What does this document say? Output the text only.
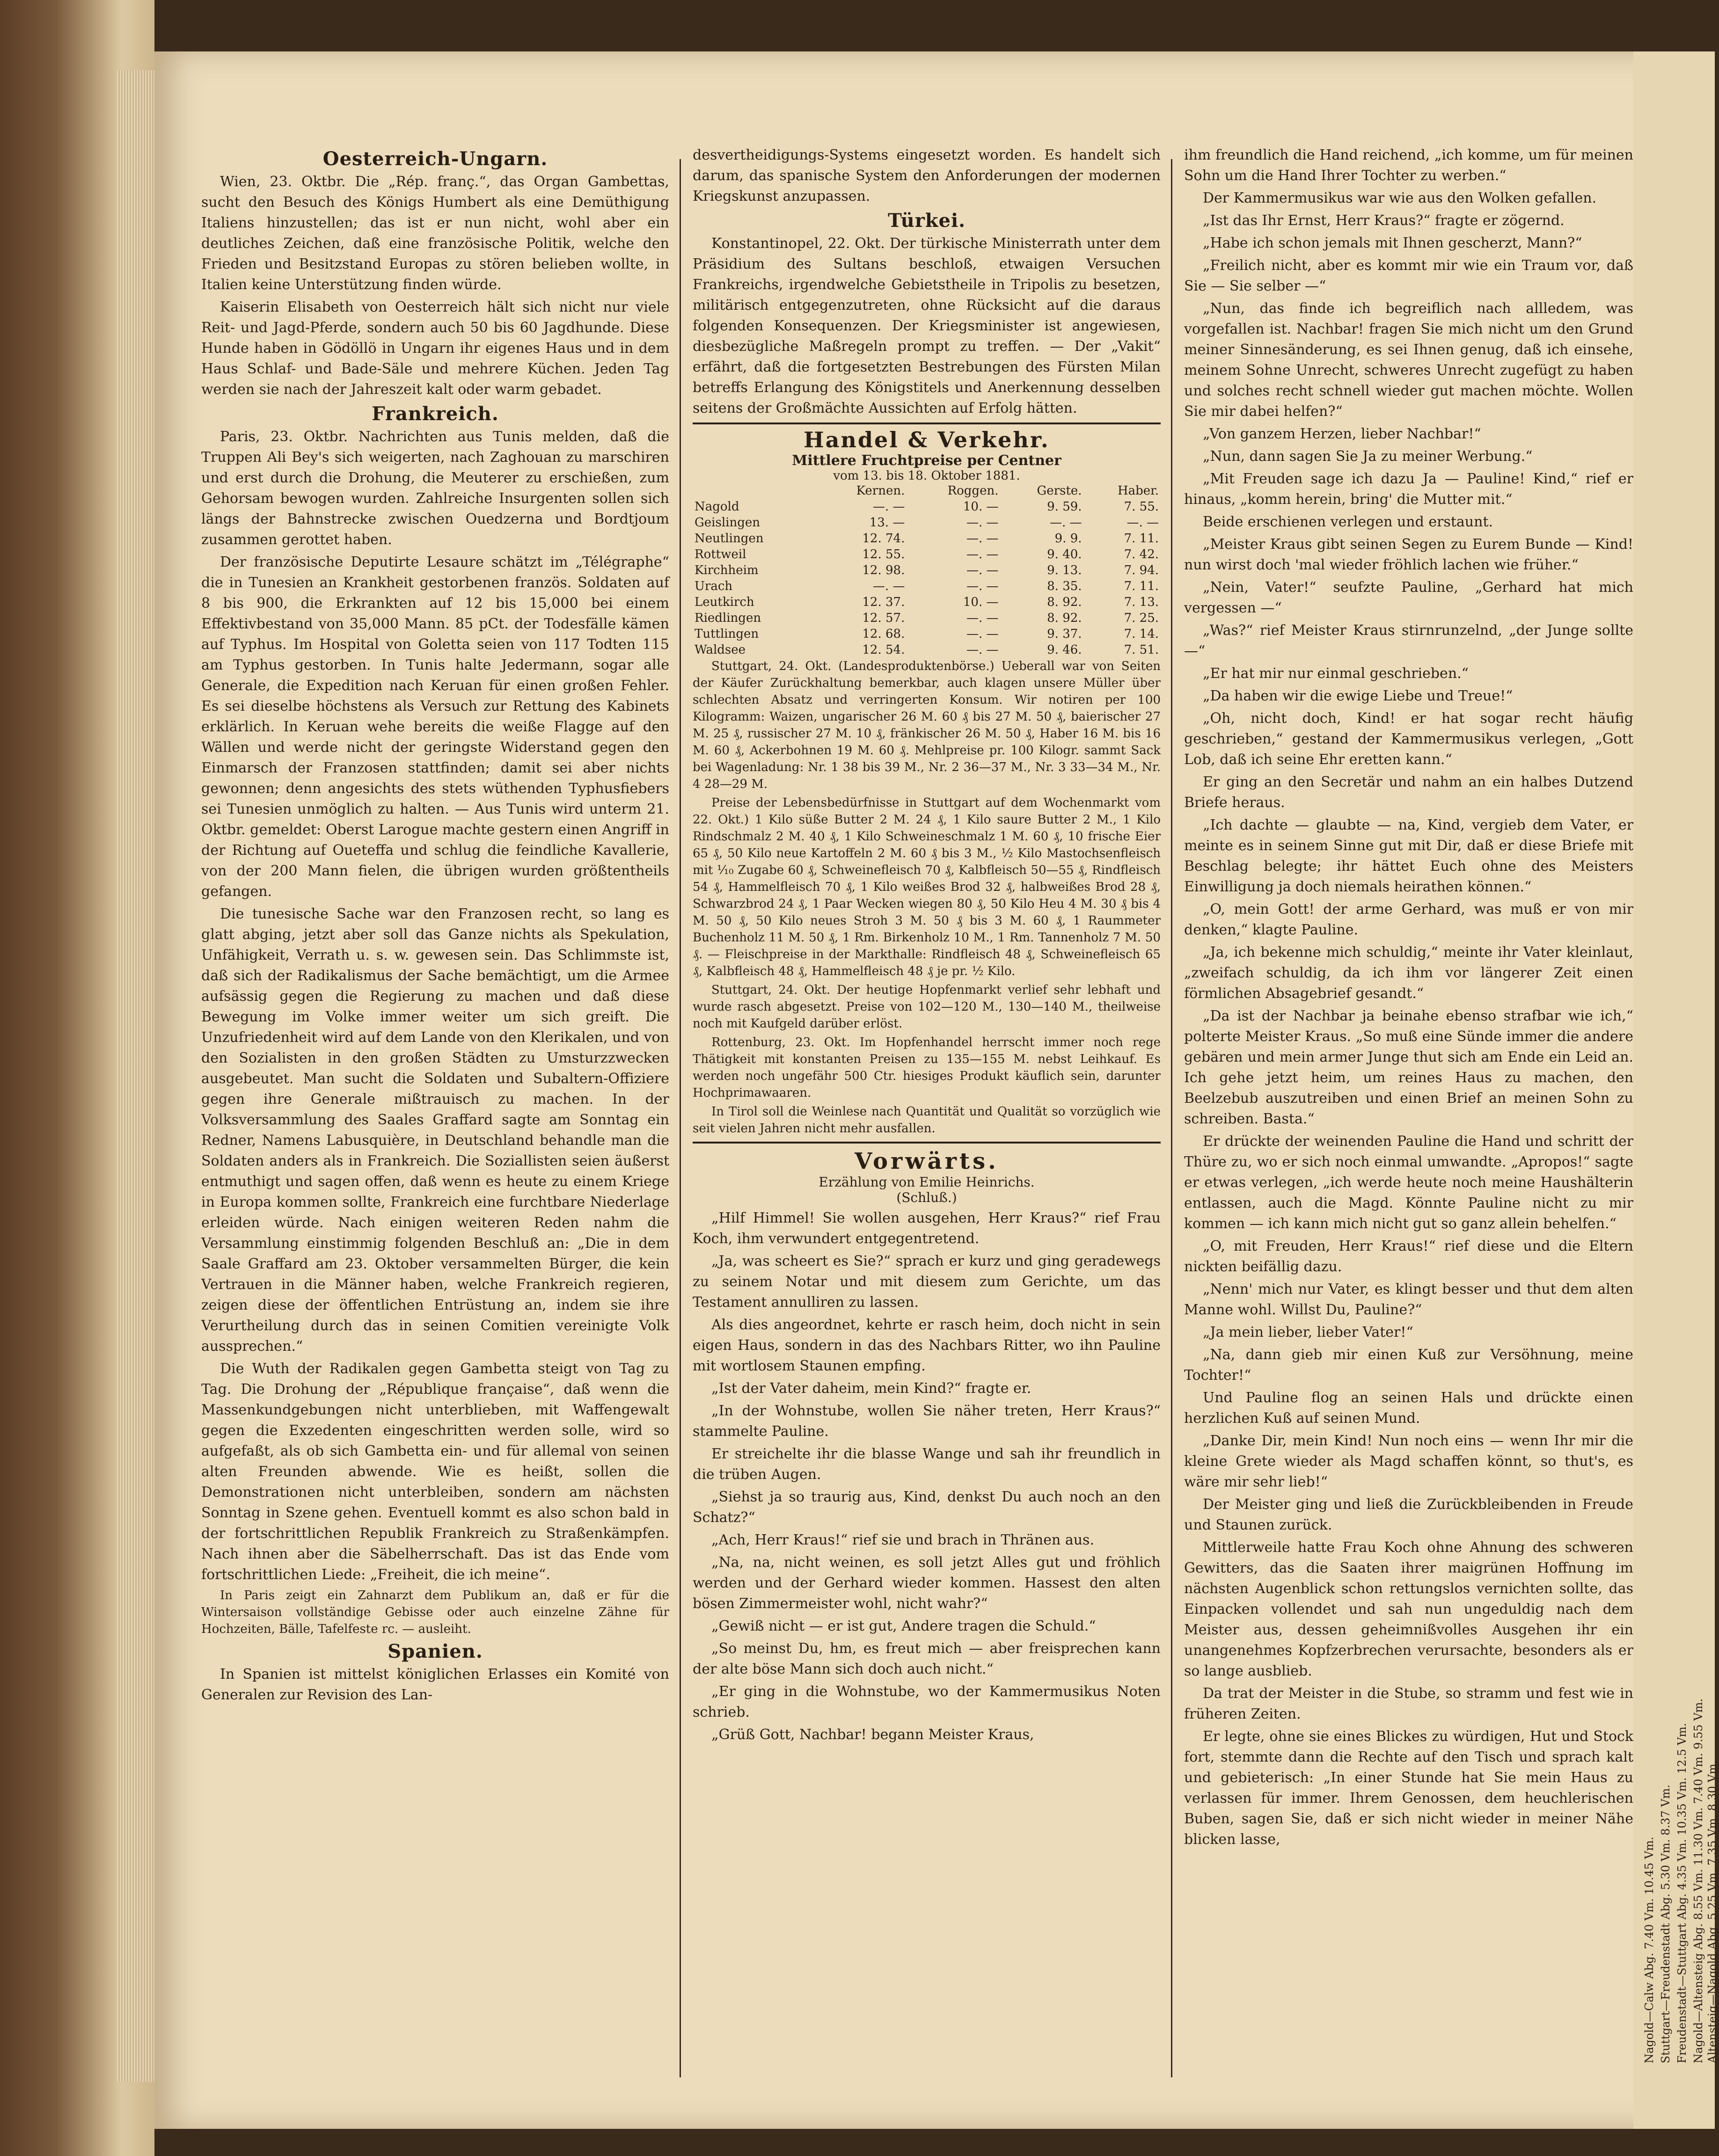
Oesterreich-Ungarn.

Wien, 23. Oktbr. Die „Rép. franç.“, das Organ Gambettas, sucht den Besuch des Königs Humbert als eine Demüthigung Italiens hinzustellen; das ist er nun nicht, wohl aber ein deutliches Zeichen, daß eine französische Politik, welche den Frieden und Besitzstand Europas zu stören belieben wollte, in Italien keine Unterstützung finden würde.

Kaiserin Elisabeth von Oesterreich hält sich nicht nur viele Reit- und Jagd-Pferde, sondern auch 50 bis 60 Jagdhunde. Diese Hunde haben in Gödöllö in Ungarn ihr eigenes Haus und in dem Haus Schlaf- und Bade-Säle und mehrere Küchen. Jeden Tag werden sie nach der Jahreszeit kalt oder warm gebadet.

Frankreich.

Paris, 23. Oktbr. Nachrichten aus Tunis melden, daß die Truppen Ali Bey's sich weigerten, nach Zaghouan zu marschiren und erst durch die Drohung, die Meuterer zu erschießen, zum Gehorsam bewogen wurden. Zahlreiche Insurgenten sollen sich längs der Bahnstrecke zwischen Ouedzerna und Bordtjoum zusammen gerottet haben.

Der französische Deputirte Lesaure schätzt im „Télégraphe“ die in Tunesien an Krankheit gestorbenen französ. Soldaten auf 8 bis 900, die Erkrankten auf 12 bis 15,000 bei einem Effektivbestand von 35,000 Mann. 85 pCt. der Todesfälle kämen auf Typhus. Im Hospital von Goletta seien von 117 Todten 115 am Typhus gestorben. In Tunis halte Jedermann, sogar alle Generale, die Expedition nach Keruan für einen großen Fehler. Es sei dieselbe höchstens als Versuch zur Rettung des Kabinets erklärlich. In Keruan wehe bereits die weiße Flagge auf den Wällen und werde nicht der geringste Widerstand gegen den Einmarsch der Franzosen stattfinden; damit sei aber nichts gewonnen; denn angesichts des stets wüthenden Typhusfiebers sei Tunesien unmöglich zu halten. — Aus Tunis wird unterm 21. Oktbr. gemeldet: Oberst Larogue machte gestern einen Angriff in der Richtung auf Oueteffa und schlug die feindliche Kavallerie, von der 200 Mann fielen, die übrigen wurden größtentheils gefangen.

Die tunesische Sache war den Franzosen recht, so lang es glatt abging, jetzt aber soll das Ganze nichts als Spekulation, Unfähigkeit, Verrath u. s. w. gewesen sein. Das Schlimmste ist, daß sich der Radikalismus der Sache bemächtigt, um die Armee aufsässig gegen die Regierung zu machen und daß diese Bewegung im Volke immer weiter um sich greift. Die Unzufriedenheit wird auf dem Lande von den Klerikalen, und von den Sozialisten in den großen Städten zu Umsturzzwecken ausgebeutet. Man sucht die Soldaten und Subaltern-Offiziere gegen ihre Generale mißtrauisch zu machen. In der Volksversammlung des Saales Graffard sagte am Sonntag ein Redner, Namens Labusquière, in Deutschland behandle man die Soldaten anders als in Frankreich. Die Soziallisten seien äußerst entmuthigt und sagen offen, daß wenn es heute zu einem Kriege in Europa kommen sollte, Frankreich eine furchtbare Niederlage erleiden würde. Nach einigen weiteren Reden nahm die Versammlung einstimmig folgenden Beschluß an: „Die in dem Saale Graffard am 23. Oktober versammelten Bürger, die kein Vertrauen in die Männer haben, welche Frankreich regieren, zeigen diese der öffentlichen Entrüstung an, indem sie ihre Verurtheilung durch das in seinen Comitien vereinigte Volk aussprechen.“

Die Wuth der Radikalen gegen Gambetta steigt von Tag zu Tag. Die Drohung der „République française“, daß wenn die Massenkundgebungen nicht unterblieben, mit Waffengewalt gegen die Exzedenten eingeschritten werden solle, wird so aufgefaßt, als ob sich Gambetta ein- und für allemal von seinen alten Freunden abwende. Wie es heißt, sollen die Demonstrationen nicht unterbleiben, sondern am nächsten Sonntag in Szene gehen. Eventuell kommt es also schon bald in der fortschrittlichen Republik Frankreich zu Straßenkämpfen. Nach ihnen aber die Säbelherrschaft. Das ist das Ende vom fortschrittlichen Liede: „Freiheit, die ich meine“.

In Paris zeigt ein Zahnarzt dem Publikum an, daß er für die Wintersaison vollständige Gebisse oder auch einzelne Zähne für Hochzeiten, Bälle, Tafelfeste rc. — ausleiht.

Spanien.

In Spanien ist mittelst königlichen Erlasses ein Komité von Generalen zur Revision des Lan-

desvertheidigungs-Systems eingesetzt worden. Es handelt sich darum, das spanische System den Anforderungen der modernen Kriegskunst anzupassen.

Türkei.

Konstantinopel, 22. Okt. Der türkische Ministerrath unter dem Präsidium des Sultans beschloß, etwaigen Versuchen Frankreichs, irgendwelche Gebietstheile in Tripolis zu besetzen, militärisch entgegenzutreten, ohne Rücksicht auf die daraus folgenden Konsequenzen. Der Kriegsminister ist angewiesen, diesbezügliche Maßregeln prompt zu treffen. — Der „Vakit“ erfährt, daß die fortgesetzten Bestrebungen des Fürsten Milan betreffs Erlangung des Königstitels und Anerkennung desselben seitens der Großmächte Aussichten auf Erfolg hätten.

Handel & Verkehr.
Mittlere Fruchtpreise per Centner
vom 13. bis 18. Oktober 1881.
	Kernen.	Roggen.	Gerste.	Haber.
Nagold	—. —	10. —	9. 59.	7. 55.
Geislingen	13. —	—. —	—. —	—. —
Neutlingen	12. 74.	—. —	9. 9.	7. 11.
Rottweil	12. 55.	—. —	9. 40.	7. 42.
Kirchheim	12. 98.	—. —	9. 13.	7. 94.
Urach	—. —	—. —	8. 35.	7. 11.
Leutkirch	12. 37.	10. —	8. 92.	7. 13.
Riedlingen	12. 57.	—. —	8. 92.	7. 25.
Tuttlingen	12. 68.	—. —	9. 37.	7. 14.
Waldsee	12. 54.	—. —	9. 46.	7. 51.

Stuttgart, 24. Okt. (Landesproduktenbörse.) Ueberall war von Seiten der Käufer Zurückhaltung bemerkbar, auch klagen unsere Müller über schlechten Absatz und verringerten Konsum. Wir notiren per 100 Kilogramm: Waizen, ungarischer 26 M. 60 ₰ bis 27 M. 50 ₰, baierischer 27 M. 25 ₰, russischer 27 M. 10 ₰, fränkischer 26 M. 50 ₰, Haber 16 M. bis 16 M. 60 ₰, Ackerbohnen 19 M. 60 ₰. Mehlpreise pr. 100 Kilogr. sammt Sack bei Wagenladung: Nr. 1 38 bis 39 M., Nr. 2 36—37 M., Nr. 3 33—34 M., Nr. 4 28—29 M.

Preise der Lebensbedürfnisse in Stuttgart auf dem Wochenmarkt vom 22. Okt.) 1 Kilo süße Butter 2 M. 24 ₰, 1 Kilo saure Butter 2 M., 1 Kilo Rindschmalz 2 M. 40 ₰, 1 Kilo Schweineschmalz 1 M. 60 ₰, 10 frische Eier 65 ₰, 50 Kilo neue Kartoffeln 2 M. 60 ₰ bis 3 M., ½ Kilo Mastochsenfleisch mit ¹⁄₁₀ Zugabe 60 ₰, Schweinefleisch 70 ₰, Kalbfleisch 50—55 ₰, Rindfleisch 54 ₰, Hammelfleisch 70 ₰, 1 Kilo weißes Brod 32 ₰, halbweißes Brod 28 ₰, Schwarzbrod 24 ₰, 1 Paar Wecken wiegen 80 ₰, 50 Kilo Heu 4 M. 30 ₰ bis 4 M. 50 ₰, 50 Kilo neues Stroh 3 M. 50 ₰ bis 3 M. 60 ₰, 1 Raummeter Buchenholz 11 M. 50 ₰, 1 Rm. Birkenholz 10 M., 1 Rm. Tannenholz 7 M. 50 ₰. — Fleischpreise in der Markthalle: Rindfleisch 48 ₰, Schweinefleisch 65 ₰, Kalbfleisch 48 ₰, Hammelfleisch 48 ₰ je pr. ½ Kilo.

Stuttgart, 24. Okt. Der heutige Hopfenmarkt verlief sehr lebhaft und wurde rasch abgesetzt. Preise von 102—120 M., 130—140 M., theilweise noch mit Kaufgeld darüber erlöst.

Rottenburg, 23. Okt. Im Hopfenhandel herrscht immer noch rege Thätigkeit mit konstanten Preisen zu 135—155 M. nebst Leihkauf. Es werden noch ungefähr 500 Ctr. hiesiges Produkt käuflich sein, darunter Hochprimawaaren.

In Tirol soll die Weinlese nach Quantität und Qualität so vorzüglich wie seit vielen Jahren nicht mehr ausfallen.

Vorwärts.
Erzählung von Emilie Heinrichs.
(Schluß.)

„Hilf Himmel! Sie wollen ausgehen, Herr Kraus?“ rief Frau Koch, ihm verwundert entgegentretend.

„Ja, was scheert es Sie?“ sprach er kurz und ging geradewegs zu seinem Notar und mit diesem zum Gerichte, um das Testament annulliren zu lassen.

Als dies angeordnet, kehrte er rasch heim, doch nicht in sein eigen Haus, sondern in das des Nachbars Ritter, wo ihn Pauline mit wortlosem Staunen empfing.

„Ist der Vater daheim, mein Kind?“ fragte er.

„In der Wohnstube, wollen Sie näher treten, Herr Kraus?“ stammelte Pauline.

Er streichelte ihr die blasse Wange und sah ihr freundlich in die trüben Augen.

„Siehst ja so traurig aus, Kind, denkst Du auch noch an den Schatz?“

„Ach, Herr Kraus!“ rief sie und brach in Thränen aus.

„Na, na, nicht weinen, es soll jetzt Alles gut und fröhlich werden und der Gerhard wieder kommen. Hassest den alten bösen Zimmermeister wohl, nicht wahr?“

„Gewiß nicht — er ist gut, Andere tragen die Schuld.“

„So meinst Du, hm, es freut mich — aber freisprechen kann der alte böse Mann sich doch auch nicht.“

„Er ging in die Wohnstube, wo der Kammermusikus Noten schrieb.

„Grüß Gott, Nachbar! begann Meister Kraus,

ihm freundlich die Hand reichend, „ich komme, um für meinen Sohn um die Hand Ihrer Tochter zu werben.“

Der Kammermusikus war wie aus den Wolken gefallen.

„Ist das Ihr Ernst, Herr Kraus?“ fragte er zögernd.

„Habe ich schon jemals mit Ihnen gescherzt, Mann?“

„Freilich nicht, aber es kommt mir wie ein Traum vor, daß Sie — Sie selber —“

„Nun, das finde ich begreiflich nach allledem, was vorgefallen ist. Nachbar! fragen Sie mich nicht um den Grund meiner Sinnesänderung, es sei Ihnen genug, daß ich einsehe, meinem Sohne Unrecht, schweres Unrecht zugefügt zu haben und solches recht schnell wieder gut machen möchte. Wollen Sie mir dabei helfen?“

„Von ganzem Herzen, lieber Nachbar!“

„Nun, dann sagen Sie Ja zu meiner Werbung.“

„Mit Freuden sage ich dazu Ja — Pauline! Kind,“ rief er hinaus, „komm herein, bring' die Mutter mit.“

Beide erschienen verlegen und erstaunt.

„Meister Kraus gibt seinen Segen zu Eurem Bunde — Kind! nun wirst doch 'mal wieder fröhlich lachen wie früher.“

„Nein, Vater!“ seufzte Pauline, „Gerhard hat mich vergessen —“

„Was?“ rief Meister Kraus stirnrunzelnd, „der Junge sollte —“

„Er hat mir nur einmal geschrieben.“

„Da haben wir die ewige Liebe und Treue!“

„Oh, nicht doch, Kind! er hat sogar recht häufig geschrieben,“ gestand der Kammermusikus verlegen, „Gott Lob, daß ich seine Ehr eretten kann.“

Er ging an den Secretär und nahm an ein halbes Dutzend Briefe heraus.

„Ich dachte — glaubte — na, Kind, vergieb dem Vater, er meinte es in seinem Sinne gut mit Dir, daß er diese Briefe mit Beschlag belegte; ihr hättet Euch ohne des Meisters Einwilligung ja doch niemals heirathen können.“

„O, mein Gott! der arme Gerhard, was muß er von mir denken,“ klagte Pauline.

„Ja, ich bekenne mich schuldig,“ meinte ihr Vater kleinlaut, „zweifach schuldig, da ich ihm vor längerer Zeit einen förmlichen Absagebrief gesandt.“

„Da ist der Nachbar ja beinahe ebenso strafbar wie ich,“ polterte Meister Kraus. „So muß eine Sünde immer die andere gebären und mein armer Junge thut sich am Ende ein Leid an. Ich gehe jetzt heim, um reines Haus zu machen, den Beelzebub auszutreiben und einen Brief an meinen Sohn zu schreiben. Basta.“

Er drückte der weinenden Pauline die Hand und schritt der Thüre zu, wo er sich noch einmal umwandte. „Apropos!“ sagte er etwas verlegen, „ich werde heute noch meine Haushälterin entlassen, auch die Magd. Könnte Pauline nicht zu mir kommen — ich kann mich nicht gut so ganz allein behelfen.“

„O, mit Freuden, Herr Kraus!“ rief diese und die Eltern nickten beifällig dazu.

„Nenn' mich nur Vater, es klingt besser und thut dem alten Manne wohl. Willst Du, Pauline?“

„Ja mein lieber, lieber Vater!“

„Na, dann gieb mir einen Kuß zur Versöhnung, meine Tochter!“

Und Pauline flog an seinen Hals und drückte einen herzlichen Kuß auf seinen Mund.

„Danke Dir, mein Kind! Nun noch eins — wenn Ihr mir die kleine Grete wieder als Magd schaffen könnt, so thut's, es wäre mir sehr lieb!“

Der Meister ging und ließ die Zurückbleibenden in Freude und Staunen zurück.

Mittlerweile hatte Frau Koch ohne Ahnung des schweren Gewitters, das die Saaten ihrer maigrünen Hoffnung im nächsten Augenblick schon rettungslos vernichten sollte, das Einpacken vollendet und sah nun ungeduldig nach dem Meister aus, dessen geheimnißvolles Ausgehen ihr ein unangenehmes Kopfzerbrechen verursachte, besonders als er so lange ausblieb.

Da trat der Meister in die Stube, so stramm und fest wie in früheren Zeiten.

Er legte, ohne sie eines Blickes zu würdigen, Hut und Stock fort, stemmte dann die Rechte auf den Tisch und sprach kalt und gebieterisch: „In einer Stunde hat Sie mein Haus zu verlassen für immer. Ihrem Genossen, dem heuchlerischen Buben, sagen Sie, daß er sich nicht wieder in meiner Nähe blicken lasse,	Nagold—Calw Abg. 7.40 Vm. 10.45 Vm. Stuttgart—Freudenstadt Abg. 5.30 Vm. 8.37 Vm. Freudenstadt—Stuttgart Abg. 4.35 Vm. 10.35 Vm. 12.5 Vm. Nagold—Altensteig Abg. 8.55 Vm. 11.30 Vm. 7.40 Vm. 9.55 Vm. Altensteig—Nagold Abg. 5.25 Vm. 7.35 Vm. 8.30 Vm.
